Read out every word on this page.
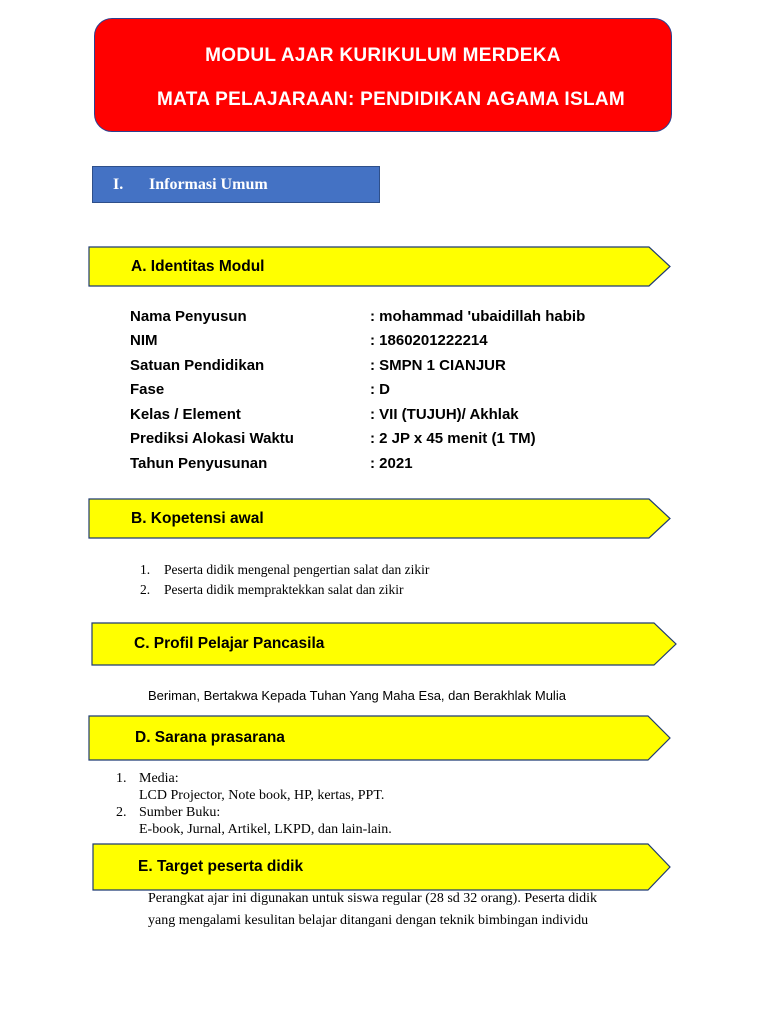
MODUL AJAR KURIKULUM MERDEKA
MATA PELAJARAAN: PENDIDIKAN AGAMA ISLAM
I. Informasi Umum
A. Identitas Modul
Nama Penyusun	: mohammad 'ubaidillah habib
NIM	: 1860201222214
Satuan Pendidikan	: SMPN 1 CIANJUR
Fase	: D
Kelas / Element	: VII (TUJUH)/ Akhlak
Prediksi Alokasi Waktu	: 2 JP x 45 menit (1 TM)
Tahun Penyusunan	: 2021
B. Kopetensi awal
1. Peserta didik mengenal pengertian salat dan zikir
2. Peserta didik mempraktekkan salat dan zikir
C. Profil Pelajar Pancasila
Beriman, Bertakwa Kepada Tuhan Yang Maha Esa, dan Berakhlak Mulia
D. Sarana prasarana
1. Media:
LCD Projector, Note book, HP, kertas, PPT.
2. Sumber Buku:
E-book, Jurnal, Artikel, LKPD, dan lain-lain.
E. Target peserta didik
Perangkat ajar ini digunakan untuk siswa regular (28 sd 32 orang). Peserta didik
yang mengalami kesulitan belajar ditangani dengan teknik bimbingan individu
